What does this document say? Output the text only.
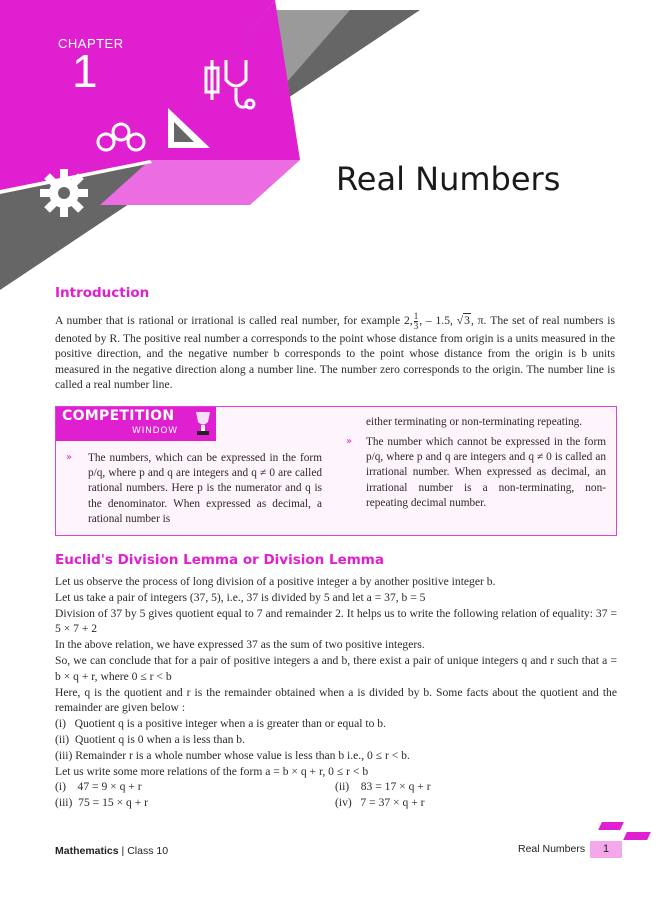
CHAPTER
1
Real Numbers
Introduction
A number that is rational or irrational is called real number, for example 2, $\frac{1}{3}$ , – 1.5, √3, π. The set of real numbers is denoted by R. The positive real number a corresponds to the point whose distance from origin is a units measured in the positive direction, and the negative number b corresponds to the point whose distance from the origin is b units measured in the negative direction along a number line. The number zero corresponds to the origin. The number line is called a real number line.
COMPETITION
WINDOW
» The numbers, which can be expressed in the form p/q, where p and q are integers and q ≠ 0 are called rational numbers. Here p is the numerator and q is the denominator. When expressed as decimal, a rational number is
either terminating or non-terminating repeating.
» The number which cannot be expressed in the form p/q, where p and q are integers and q ≠ 0 is called an irrational number. When expressed as decimal, an irrational number is a non-terminating, non-repeating decimal number.
Euclid's Division Lemma or Division Lemma
Let us observe the process of long division of a positive integer a by another positive integer b.
Let us take a pair of integers (37, 5), i.e., 37 is divided by 5 and let a = 37, b = 5
Division of 37 by 5 gives quotient equal to 7 and remainder 2. It helps us to write the following relation of equality: 37 = 5 × 7 + 2
In the above relation, we have expressed 37 as the sum of two positive integers.
So, we can conclude that for a pair of positive integers a and b, there exist a pair of unique integers q and r such that a = b × q + r, where 0 ≤ r < b
Here, q is the quotient and r is the remainder obtained when a is divided by b. Some facts about the quotient and the remainder are given below :
(i)   Quotient q is a positive integer when a is greater than or equal to b.
(ii)  Quotient q is 0 when a is less than b.
(iii) Remainder r is a whole number whose value is less than b i.e., 0 ≤ r < b.
Let us write some more relations of the form a = b × q + r, 0 ≤ r < b
(i)    47 = 9 × q + r	(ii)    83 = 17 × q + r
(iii)  75 = 15 × q + r	(iv)   7 = 37 × q + r
Mathematics | Class 10	Real Numbers	1
